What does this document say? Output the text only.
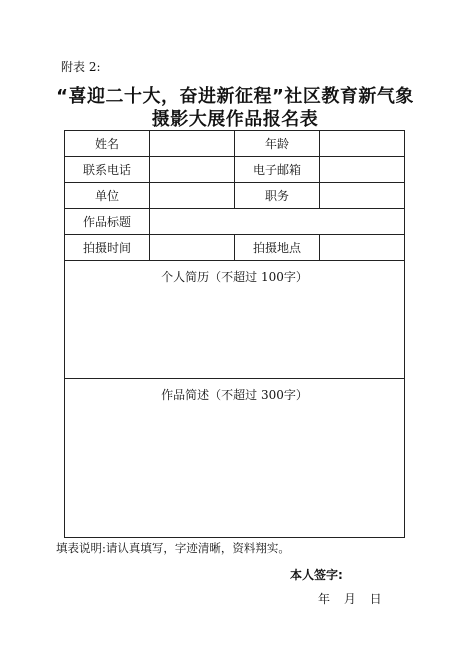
附表 2:
“喜迎二十大，奋进新征程”社区教育新气象
摄影大展作品报名表
姓名		年龄	
联系电话		电子邮箱	
单位		职务	
作品标题			
拍摄时间		拍摄地点	

个人简历（不超过 100字）			

作品简述（不超过 300字）			
填表说明:请认真填写，字迹清晰，资料翔实。
本人签字:
年 月 日
